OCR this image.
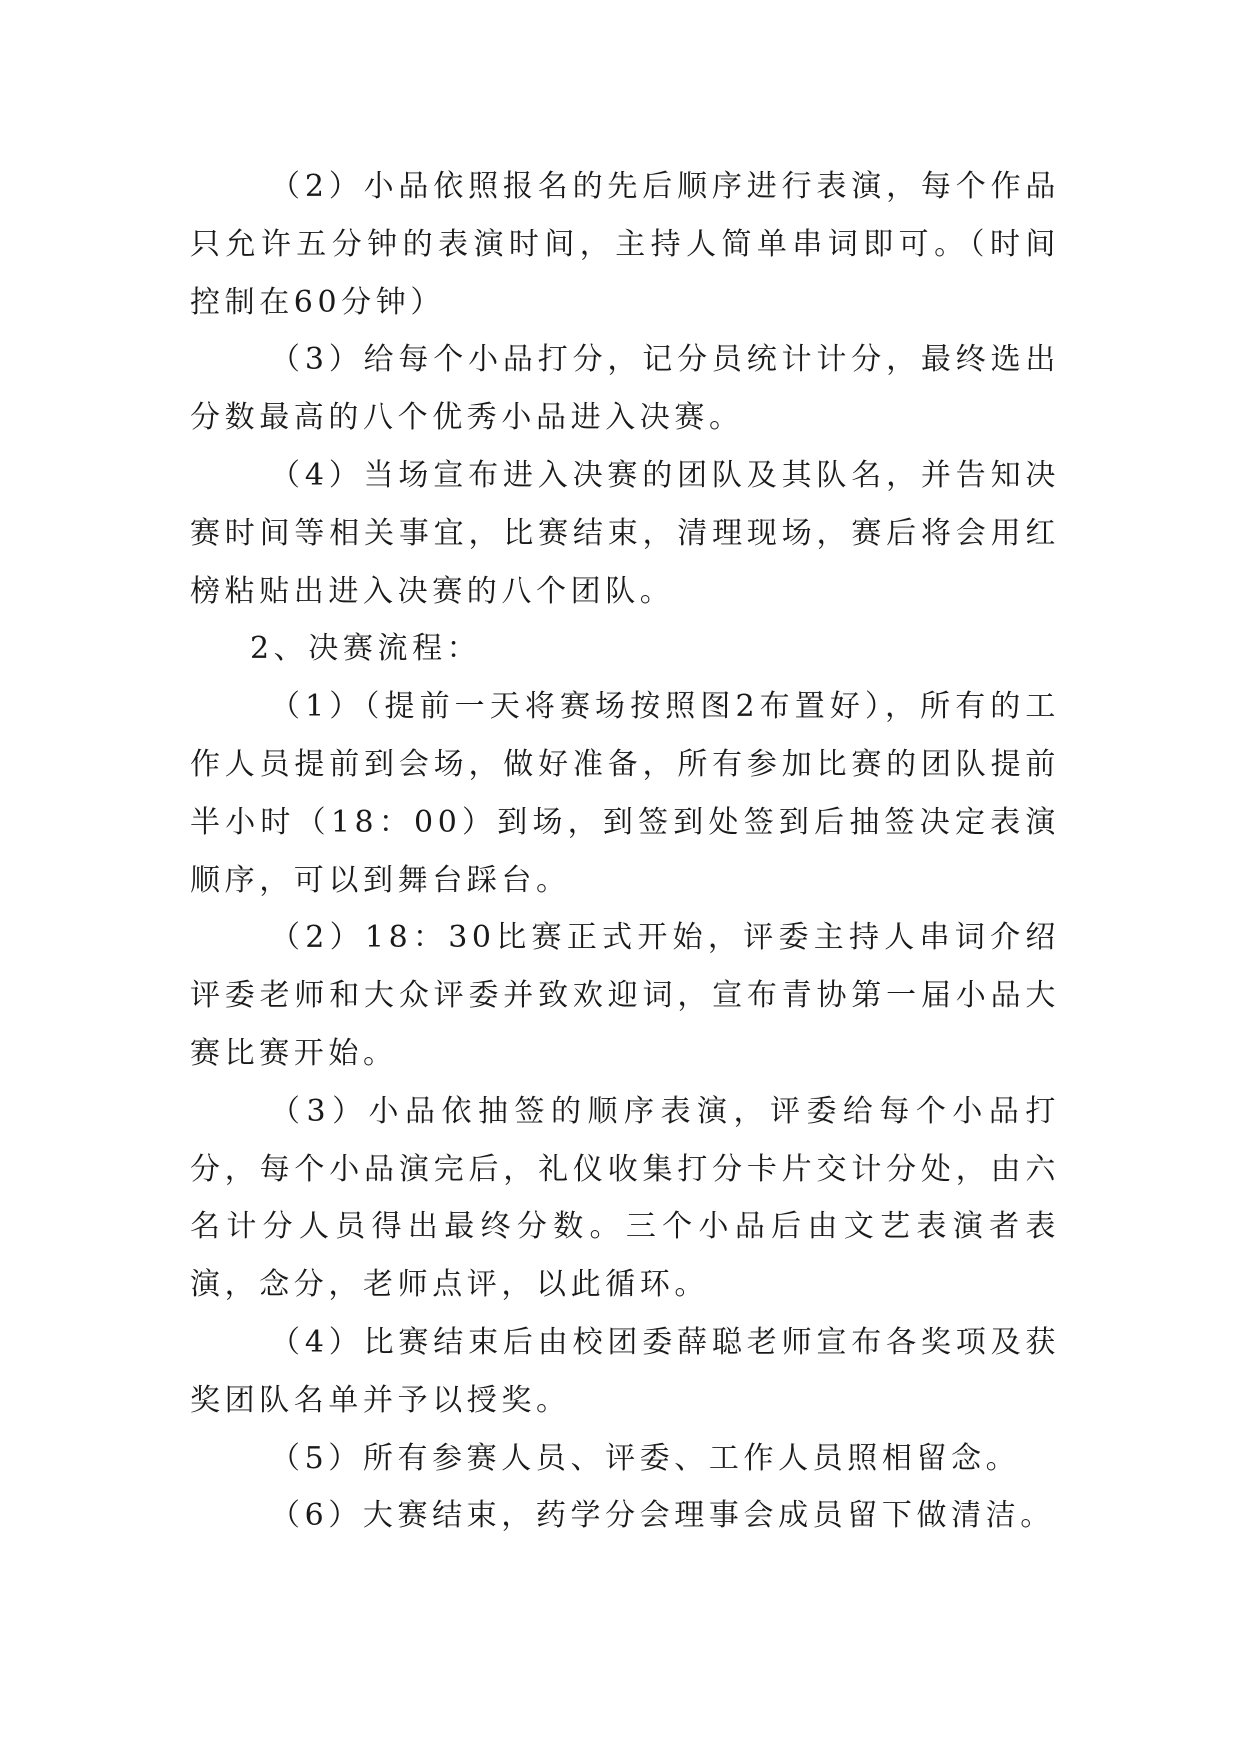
（2）小品依照报名的先后顺序进行表演，每个作品只允许五分钟的表演时间，主持人简单串词即可。（时间控制在60分钟）

（3）给每个小品打分，记分员统计计分，最终选出分数最高的八个优秀小品进入决赛。

（4）当场宣布进入决赛的团队及其队名，并告知决赛时间等相关事宜，比赛结束，清理现场，赛后将会用红榜粘贴出进入决赛的八个团队。

2、决赛流程：

（1）（提前一天将赛场按照图2布置好），所有的工作人员提前到会场，做好准备，所有参加比赛的团队提前半小时（18：00）到场，到签到处签到后抽签决定表演顺序，可以到舞台踩台。

（2）18：30比赛正式开始，评委主持人串词介绍评委老师和大众评委并致欢迎词，宣布青协第一届小品大赛比赛开始。

（3）小品依抽签的顺序表演，评委给每个小品打分，每个小品演完后，礼仪收集打分卡片交计分处，由六名计分人员得出最终分数。三个小品后由文艺表演者表演，念分，老师点评，以此循环。

（4）比赛结束后由校团委薛聪老师宣布各奖项及获奖团队名单并予以授奖。

（5）所有参赛人员、评委、工作人员照相留念。

（6）大赛结束，药学分会理事会成员留下做清洁。
